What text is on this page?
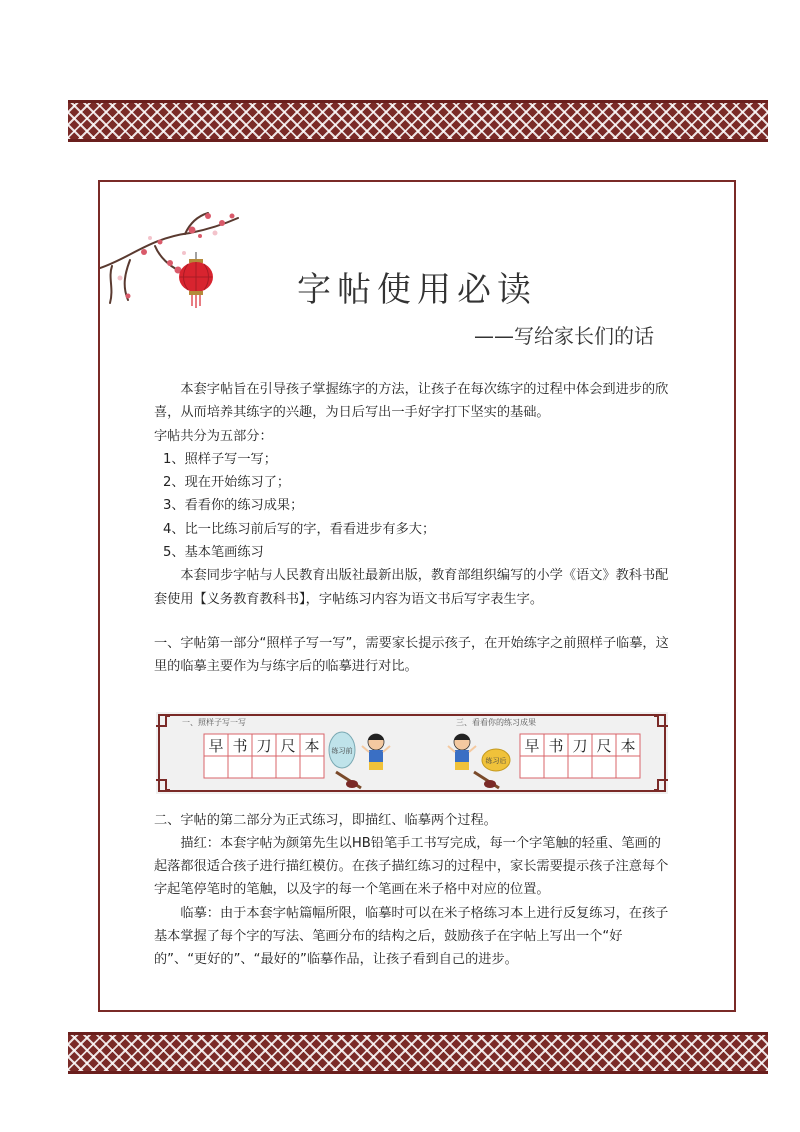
字帖使用必读
——写给家长们的话

本套字帖旨在引导孩子掌握练字的方法，让孩子在每次练字的过程中体会到进步的欣喜，从而培养其练字的兴趣，为日后写出一手好字打下坚实的基础。

字帖共分为五部分：

1、照样子写一写；

2、现在开始练习了；

3、看看你的练习成果；

4、比一比练习前后写的字，看看进步有多大；

5、基本笔画练习

本套同步字帖与人民教育出版社最新出版，教育部组织编写的小学《语文》教科书配套使用【义务教育教科书】，字帖练习内容为语文书后写字表生字。

一、字帖第一部分“照样子写一写”，需要家长提示孩子，在开始练字之前照样子临摹，这里的临摹主要作为与练字后的临摹进行对比。

二、字帖的第二部分为正式练习，即描红、临摹两个过程。

描红：本套字帖为颜第先生以HB铅笔手工书写完成，每一个字笔触的轻重、笔画的起落都很适合孩子进行描红模仿。在孩子描红练习的过程中，家长需要提示孩子注意每个字起笔停笔时的笔触，以及字的每一个笔画在米子格中对应的位置。

临摹：由于本套字帖篇幅所限，临摹时可以在米子格练习本上进行反复练习，在孩子基本掌握了每个字的写法、笔画分布的结构之后，鼓励孩子在字帖上写出一个“好的”、“更好的”、“最好的”临摹作品，让孩子看到自己的进步。

一、照样子写一写
早 书 刀 尺 本 练习前
三、看看你的练习成果
练习后
早 书 刀 尺 本
